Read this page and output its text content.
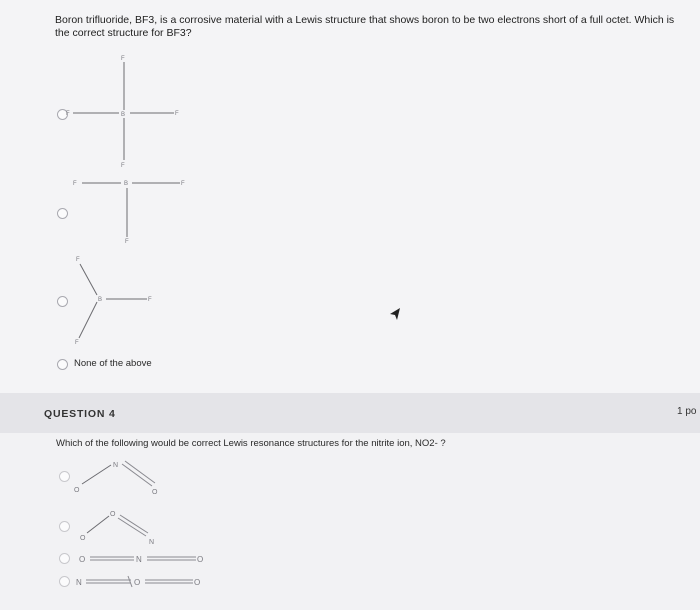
Boron trifluoride, BF3, is a corrosive material with a Lewis structure that shows boron to be two electrons short of a full octet. Which is the correct structure for BF3?
F
F	B	F
F
F	B	F
F
F
B	F
F
O
N
O
O
O
N
O	N	O
N	O	O
None of the above
QUESTION 4	1 po
Which of the following would be correct Lewis resonance structures for the nitrite ion, NO2- ?
